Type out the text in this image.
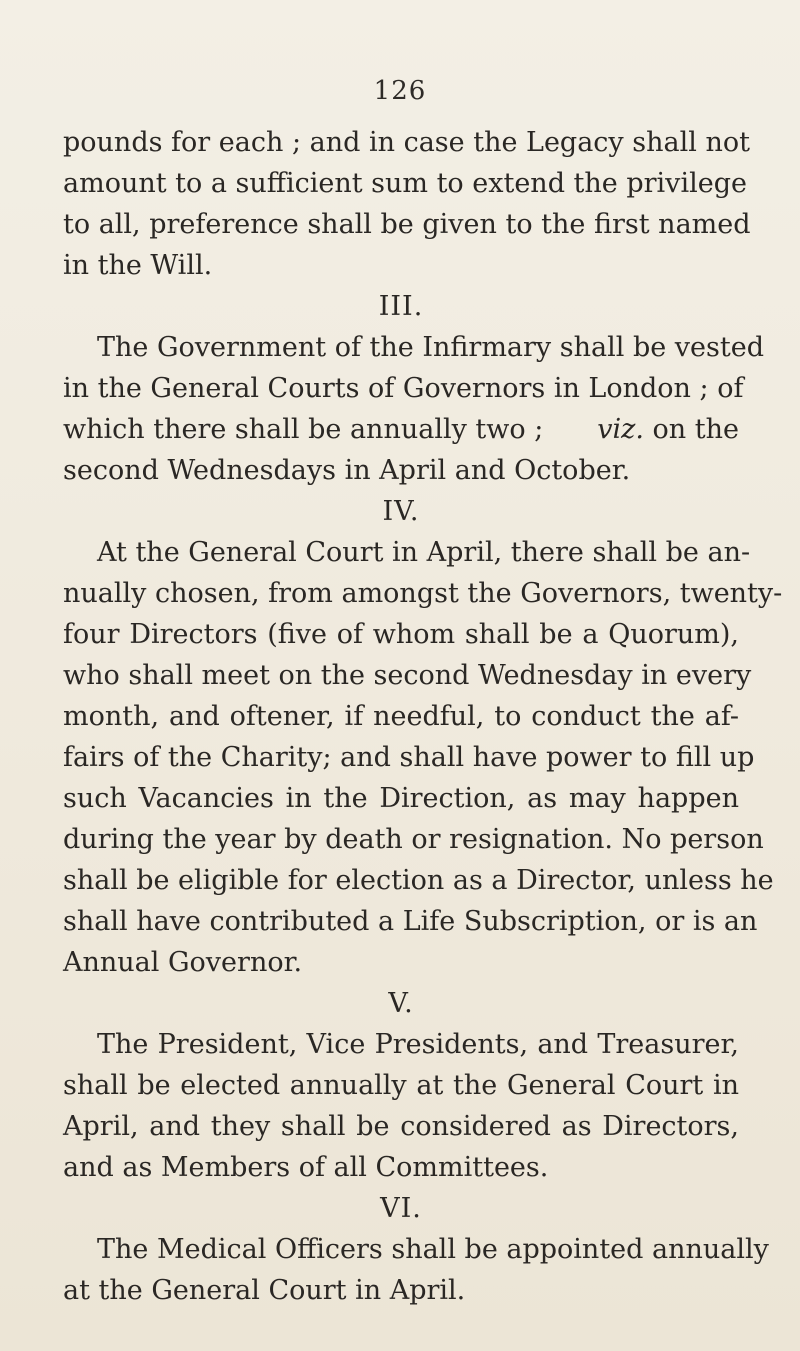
126
pounds for each ; and in case the Legacy shall not
amount to a sufficient sum to extend the privilege
to all, preference shall be given to the first named
in the Will.
III.
The Government of the Infirmary shall be vested
in the General Courts of Governors in London ; of
which there shall be annually two ; viz. on the
second Wednesdays in April and October.
IV.
At the General Court in April, there shall be an-
nually chosen, from amongst the Governors, twenty-
four Directors (five of whom shall be a Quorum),
who shall meet on the second Wednesday in every
month, and oftener, if needful, to conduct the af-
fairs of the Charity; and shall have power to fill up
such Vacancies in the Direction, as may happen
during the year by death or resignation. No person
shall be eligible for election as a Director, unless he
shall have contributed a Life Subscription, or is an
Annual Governor.
V.
The President, Vice Presidents, and Treasurer,
shall be elected annually at the General Court in
April, and they shall be considered as Directors,
and as Members of all Committees.
VI.
The Medical Officers shall be appointed annually
at the General Court in April.
